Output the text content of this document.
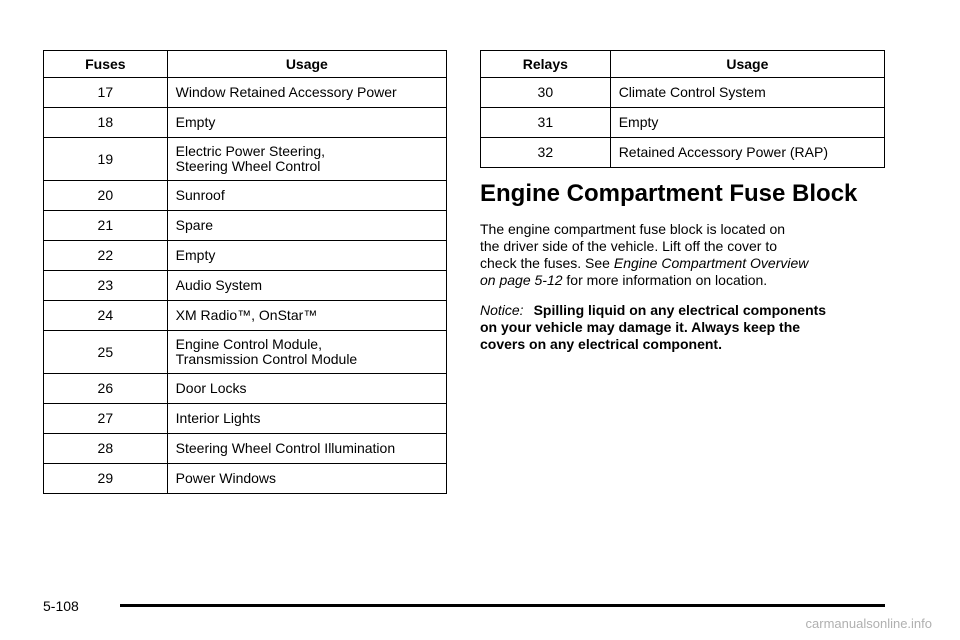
Fuses	Usage
17	Window Retained Accessory Power

18	Empty

19	Electric Power Steering,
Steering Wheel Control

20	Sunroof

21	Spare

22	Empty

23	Audio System

24	XM Radio™, OnStar™

25	Engine Control Module,
Transmission Control Module

26	Door Locks

27	Interior Lights

28	Steering Wheel Control Illumination

29	Power Windows
Relays	Usage
30	Climate Control System

31	Empty

32	Retained Accessory Power (RAP)
Engine Compartment Fuse Block

The engine compartment fuse block is located on
the driver side of the vehicle. Lift off the cover to
check the fuses. See Engine Compartment Overview
on page 5-12 for more information on location.

Notice: Spilling liquid on any electrical components
on your vehicle may damage it. Always keep the
covers on any electrical component.

5-108
carmanualsonline.info
